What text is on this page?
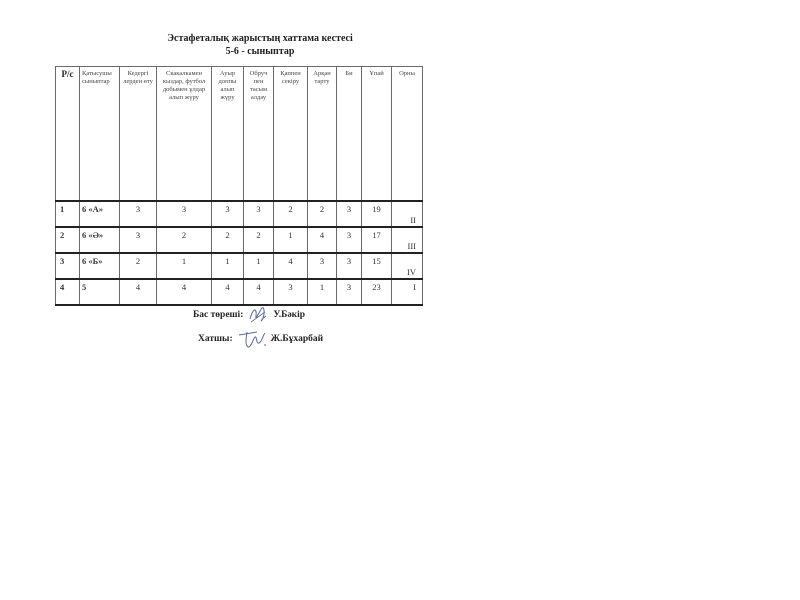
Эстафеталық жарыстың хаттама кестесі
5-6 - сыныптар
Р/с	Қатысушы сыныптар	Кедергі лерден өту	Скакалкамен кыздар, футбол добымен ұлдар алып жүру	Ауыр доппы алып жүру	Обруч пен тасым алдау	Қаппен секіру	Арқан тарту	Би	Ұпай	Орны
1	6 «А»	3	3	3	3	2	2	3	19	II
2	6 «Ә»	3	2	2	2	1	4	3	17	III
3	6 «Б»	2	1	1	1	4	3	3	15	IV
4	5	4	4	4	4	3	1	3	23	I
Бас төреші:	У.Бәкір
Хатшы:	Ж.Бұхарбай
